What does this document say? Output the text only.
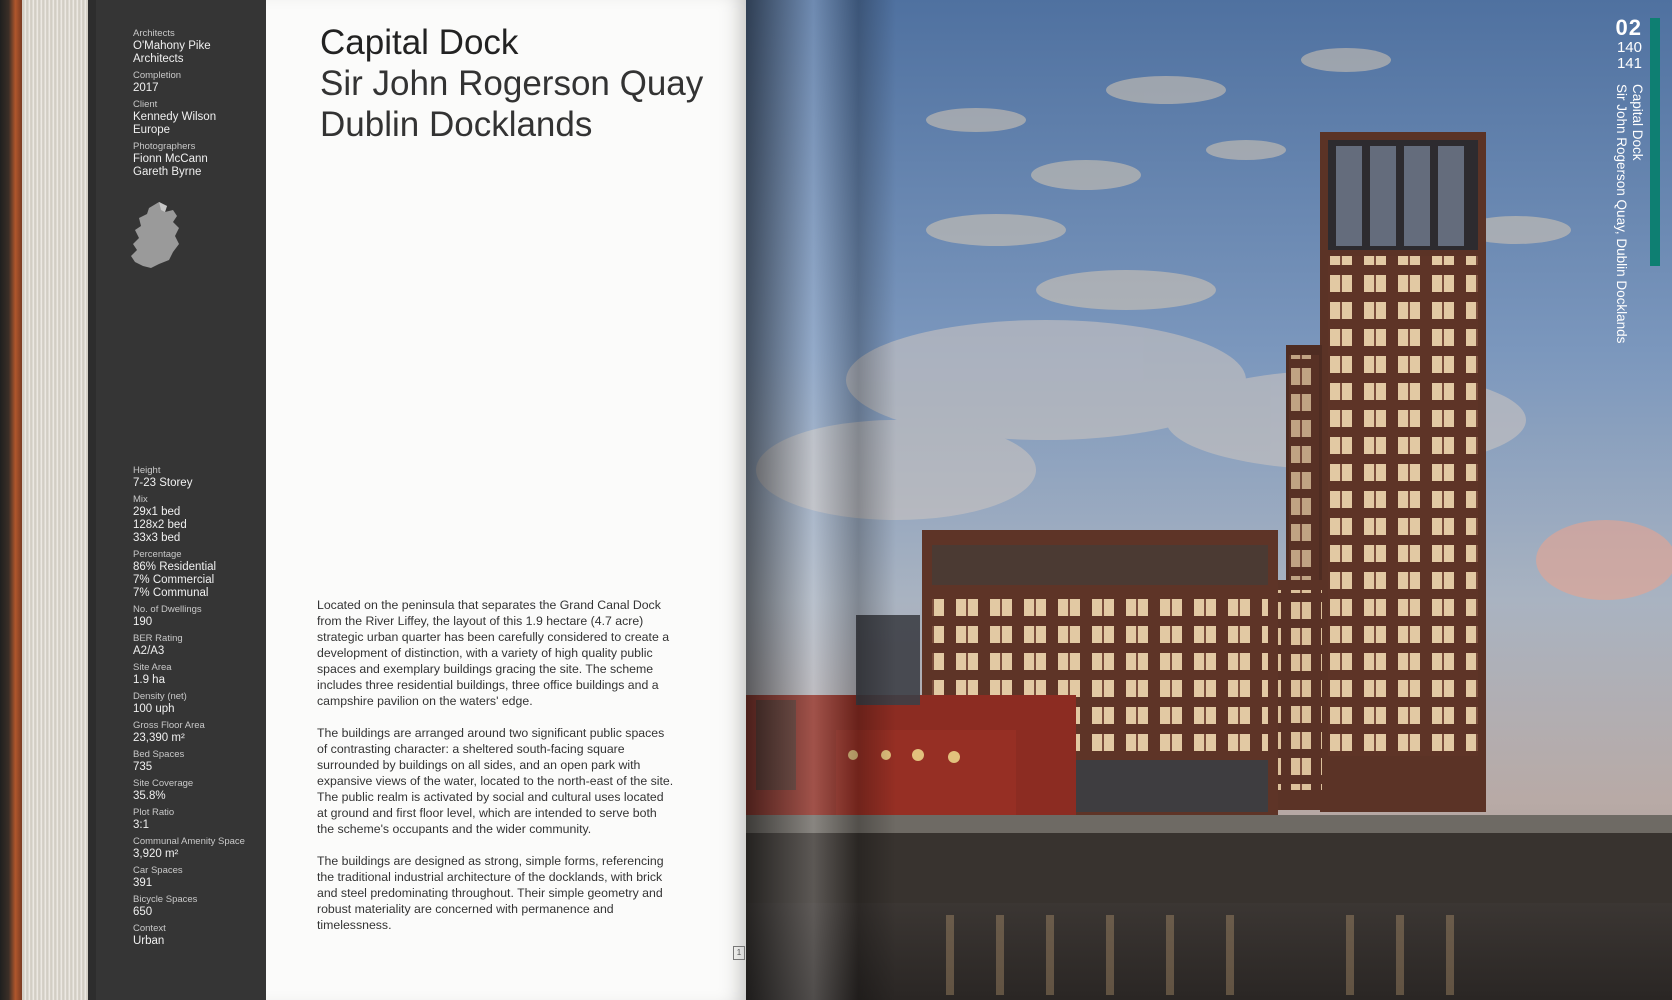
Architects
O'Mahony Pike
Architects
Completion
2017
Client
Kennedy Wilson
Europe
Photographers
Fionn McCann
Gareth Byrne
Height
7-23 Storey
Mix
29x1 bed
128x2 bed
33x3 bed
Percentage
86% Residential
7% Commercial
7% Communal
No. of Dwellings
190
BER Rating
A2/A3
Site Area
1.9 ha
Density (net)
100 uph
Gross Floor Area
23,390 m²
Bed Spaces
735
Site Coverage
35.8%
Plot Ratio
3:1
Communal Amenity Space
3,920 m²
Car Spaces
391
Bicycle Spaces
650
Context
Urban
Capital Dock
Sir John Rogerson Quay
Dublin Docklands

Located on the peninsula that separates the Grand Canal Dock from the River Liffey, the layout of this 1.9 hectare (4.7 acre) strategic urban quarter has been carefully considered to create a development of distinction, with a variety of high quality public spaces and exemplary buildings gracing the site. The scheme includes three residential buildings, three office buildings and a campshire pavilion on the waters' edge.

The buildings are arranged around two significant public spaces of contrasting character: a sheltered south-facing square surrounded by buildings on all sides, and an open park with expansive views of the water, located to the north-east of the site. The public realm is activated by social and cultural uses located at ground and first floor level, which are intended to serve both the scheme's occupants and the wider community.

The buildings are designed as strong, simple forms, referencing the traditional industrial architecture of the docklands, with brick and steel predominating throughout. Their simple geometry and robust materiality are concerned with permanence and timelessness.

1
02
140
141
Capital Dock
Sir John Rogerson Quay, Dublin Docklands
